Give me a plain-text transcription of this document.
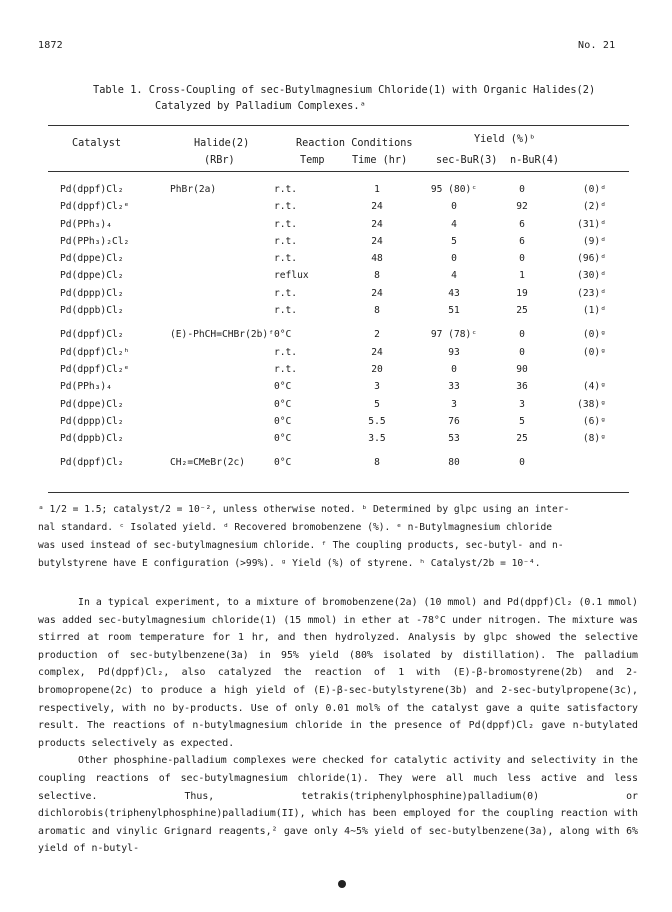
1872	No. 21
Table 1. Cross-Coupling of sec-Butylmagnesium Chloride(1) with Organic Halides(2)
Catalyzed by Palladium Complexes.ᵃ
Catalyst	Halide(2)
(RBr)
Reaction Conditions
Temp	Time (hr)
Yield (%)ᵇ
sec-BuR(3) n-BuR(4)
Pd(dppf)Cl₂	PhBr(2a)	r.t.	1	95 (80)ᶜ	0	(0)ᵈ
Pd(dppf)Cl₂ᵉ		r.t.	24	0	92	(2)ᵈ
Pd(PPh₃)₄		r.t.	24	4	6	(31)ᵈ
Pd(PPh₃)₂Cl₂		r.t.	24	5	6	(9)ᵈ
Pd(dppe)Cl₂		r.t.	48	0	0	(96)ᵈ
Pd(dppe)Cl₂		reflux	8	4	1	(30)ᵈ
Pd(dppp)Cl₂		r.t.	24	43	19	(23)ᵈ
Pd(dppb)Cl₂		r.t.	8	51	25	(1)ᵈ

Pd(dppf)Cl₂	(E)-PhCH=CHBr(2b)ᶠ	0°C	2	97 (78)ᶜ	0	(0)ᵍ
Pd(dppf)Cl₂ʰ		r.t.	24	93	0	(0)ᵍ
Pd(dppf)Cl₂ᵉ		r.t.	20	0	90	
Pd(PPh₃)₄		0°C	3	33	36	(4)ᵍ
Pd(dppe)Cl₂		0°C	5	3	3	(38)ᵍ
Pd(dppp)Cl₂		0°C	5.5	76	5	(6)ᵍ
Pd(dppb)Cl₂		0°C	3.5	53	25	(8)ᵍ

Pd(dppf)Cl₂	CH₂=CMeBr(2c)	0°C	8	80	0	
ᵃ 1/2 = 1.5; catalyst/2 = 10⁻², unless otherwise noted. ᵇ Determined by glpc using an inter-
nal standard. ᶜ Isolated yield. ᵈ Recovered bromobenzene (%). ᵉ n-Butylmagnesium chloride
was used instead of sec-butylmagnesium chloride. ᶠ The coupling products, sec-butyl- and n-
butylstyrene have E configuration (>99%). ᵍ Yield (%) of styrene. ʰ Catalyst/2b = 10⁻⁴.

In a typical experiment, to a mixture of bromobenzene(2a) (10 mmol) and Pd(dppf)Cl₂ (0.1 mmol) was added sec-butylmagnesium chloride(1) (15 mmol) in ether at -78°C under nitrogen. The mixture was stirred at room temperature for 1 hr, and then hydrolyzed. Analysis by glpc showed the selective production of sec-butylbenzene(3a) in 95% yield (80% isolated by distillation). The palladium complex, Pd(dppf)Cl₂, also catalyzed the reaction of 1 with (E)-β-bromostyrene(2b) and 2-bromopropene(2c) to produce a high yield of (E)-β-sec-butylstyrene(3b) and 2-sec-butylpropene(3c), respectively, with no by-products. Use of only 0.01 mol% of the catalyst gave a quite satisfactory result. The reactions of n-butylmagnesium chloride in the presence of Pd(dppf)Cl₂ gave n-butylated products selectively as expected.

Other phosphine-palladium complexes were checked for catalytic activity and selectivity in the coupling reactions of sec-butylmagnesium chloride(1). They were all much less active and less selective. Thus, tetrakis(triphenylphosphine)palladium(0) or dichlorobis(triphenylphosphine)palladium(II), which has been employed for the coupling reaction with aromatic and vinylic Grignard reagents,² gave only 4∼5% yield of sec-butylbenzene(3a), along with 6% yield of n-butyl-
